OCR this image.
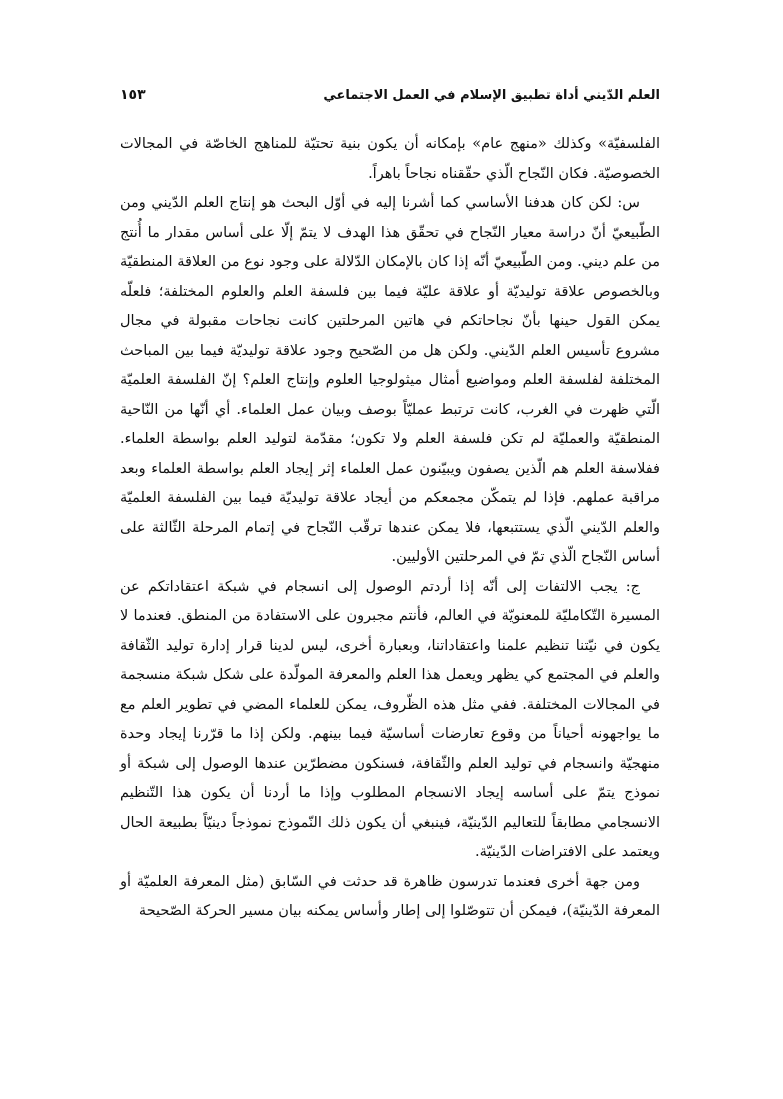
العلم الدّيني أداة تطبيق الإسلام في العمل الاجتماعي
١٥٣

الفلسفيّة» وكذلك «منهج عام» بإمكانه أن يكون بنية تحتيّة للمناهج الخاصّة في المجالات الخصوصيّة. فكان النّجاح الّذي حقّقناه نجاحاً باهراً.

س: لكن كان هدفنا الأساسي كما أشرنا إليه في أوّل البحث هو إنتاج العلم الدّيني ومن الطّبيعيّ أنّ دراسة معيار النّجاح في تحقّق هذا الهدف لا يتمّ إلّا على أساس مقدار ما أُنتج من علم ديني. ومن الطّبيعيّ أنّه إذا كان بالإمكان الدّلالة على وجود نوع من العلاقة المنطقيّة وبالخصوص علاقة توليديّة أو علاقة عليّة فيما بين فلسفة العلم والعلوم المختلفة؛ فلعلّه يمكن القول حينها بأنّ نجاحاتكم في هاتين المرحلتين كانت نجاحات مقبولة في مجال مشروع تأسيس العلم الدّيني. ولكن هل من الصّحيح وجود علاقة توليديّة فيما بين المباحث المختلفة لفلسفة العلم ومواضيع أمثال ميثولوجيا العلوم وإنتاج العلم؟ إنّ الفلسفة العلميّة الّتي ظهرت في الغرب، كانت ترتبط عمليّاً بوصف وبيان عمل العلماء. أي أنّها من النّاحية المنطقيّة والعمليّة لم تكن فلسفة العلم ولا تكون؛ مقدّمة لتوليد العلم بواسطة العلماء. ففلاسفة العلم هم الّذين يصفون ويبيّنون عمل العلماء إثر إيجاد العلم بواسطة العلماء وبعد مراقبة عملهم. فإذا لم يتمكّن مجمعكم من أيجاد علاقة توليديّة فيما بين الفلسفة العلميّة والعلم الدّيني الّذي يستتبعها، فلا يمكن عندها ترقّب النّجاح في إتمام المرحلة الثّالثة على أساس النّجاح الّذي تمّ في المرحلتين الأوليين.

ج: يجب الالتفات إلى أنّه إذا أردتم الوصول إلى انسجام في شبكة اعتقاداتكم عن المسيرة التّكامليّة للمعنويّة في العالم، فأنتم مجبرون على الاستفادة من المنطق. فعندما لا يكون في نيّتنا تنظيم علمنا واعتقاداتنا، وبعبارة أخرى، ليس لدينا قرار إدارة توليد الثّقافة والعلم في المجتمع كي يظهر ويعمل هذا العلم والمعرفة المولّدة على شكل شبكة منسجمة في المجالات المختلفة. ففي مثل هذه الظّروف، يمكن للعلماء المضي في تطوير العلم مع ما يواجهونه أحياناً من وقوع تعارضات أساسيّة فيما بينهم. ولكن إذا ما قرّرنا إيجاد وحدة منهجيّة وانسجام في توليد العلم والثّقافة، فسنكون مضطرّين عندها الوصول إلى شبكة أو نموذج يتمّ على أساسه إيجاد الانسجام المطلوب وإذا ما أردنا أن يكون هذا التّنظيم الانسجامي مطابقاً للتعاليم الدّينيّة، فينبغي أن يكون ذلك النّموذج نموذجاً دينيّاً بطبيعة الحال ويعتمد على الافتراضات الدّينيّة.

ومن جهة أخرى فعندما تدرسون ظاهرة قد حدثت في السّابق (مثل المعرفة العلميّة أو المعرفة الدّينيّة)، فيمكن أن تتوصّلوا إلى إطار وأساس يمكنه بيان مسير الحركة الصّحيحة
